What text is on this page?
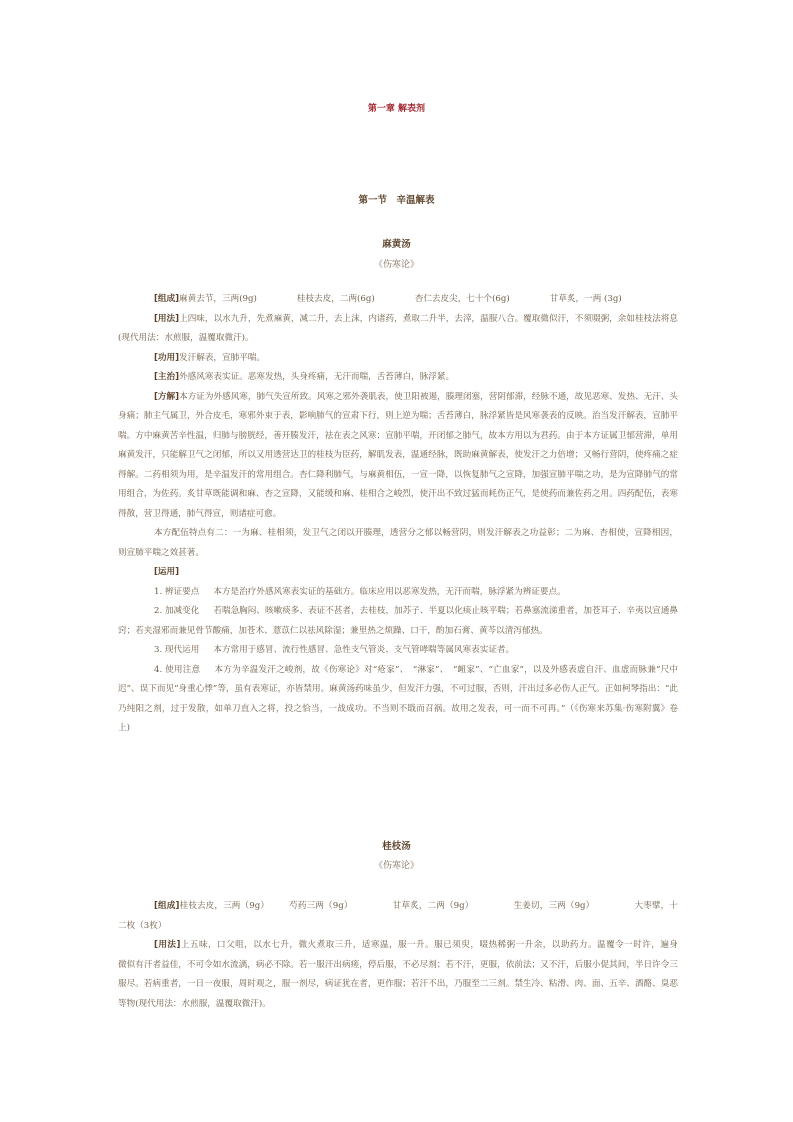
第一章 解表剂
第一节　辛温解表
麻黄汤
《伤寒论》

[组成]麻黄去节，三两(9g)	桂枝去皮，二两(6g)	杏仁去皮尖，七十个(6g)	甘草炙，一两 (3g)

[用法]上四味，以水九升，先煮麻黄，减二升，去上沫，内诸药，煮取二升半，去滓，温服八合。覆取微似汗，不须啜粥，余如桂枝法将息(现代用法：水煎服，温覆取微汗)。

[功用]发汗解表，宣肺平喘。

[主治]外感风寒表实证。恶寒发热，头身疼痛，无汗而喘，舌苔薄白，脉浮紧。

[方解]本方证为外感风寒，肺气失宣所致。风寒之邪外袭肌表，使卫阳被遏，腠理闭塞，营阴郁滞，经脉不通，故见恶寒、发热、无汗、头身痛；肺主气属卫，外合皮毛，寒邪外束于表，影响肺气的宣肃下行，则上逆为喘；舌苔薄白，脉浮紧皆是风寒袭表的反映。治当发汗解表，宣肺平喘。方中麻黄苦辛性温，归肺与膀胱经，善开腠发汗，祛在表之风寒；宣肺平喘，开闭郁之肺气，故本方用以为君药。由于本方证属卫郁营滞，单用麻黄发汗，只能解卫气之闭郁，所以又用透营达卫的桂枝为臣药，解肌发表，温通经脉，既助麻黄解表，使发汗之力倍增；又畅行营阴，使疼痛之症得解。二药相须为用，是辛温发汗的常用组合。杏仁降利肺气，与麻黄相伍，一宣一降，以恢复肺气之宣降，加强宣肺平喘之功，是为宣降肺气的常用组合，为佐药。炙甘草既能调和麻、杏之宣降，又能缓和麻、桂相合之峻烈，使汗出不致过猛而耗伤正气，是使药而兼佐药之用。四药配伍，表寒得散，营卫得通，肺气得宣，则诸症可愈。

本方配伍特点有二：一为麻、桂相须，发卫气之闭以开腠理，透营分之郁以畅营阴，则发汗解表之功益彰；二为麻、杏相使，宣降相因，则宣肺平喘之效甚著。

[运用]

1. 辨证要点 本方是治疗外感风寒表实证的基础方。临床应用以恶寒发热，无汗而喘，脉浮紧为辨证要点。

2. 加减变化 若喘急胸闷、咳嗽痰多、表证不甚者，去桂枝，加苏子、半夏以化痰止咳平喘；若鼻塞流涕重者，加苍耳子、辛夷以宣通鼻窍；若夹湿邪而兼见骨节酸痛，加苍术、薏苡仁以祛风除湿；兼里热之烦躁、口干，酌加石膏、黄芩以清泻郁热。

3. 现代运用 本方常用于感冒、流行性感冒、急性支气管炎、支气管哮喘等属风寒表实证者。

4. 使用注意 本方为辛温发汗之峻剂，故《伤寒论》对“疮家”、　“淋家”、　“衄家”、“亡血家”，以及外感表虚自汗、血虚而脉兼“尺中迟”、误下而见“身重心悸”等，虽有表寒证，亦皆禁用。麻黄汤药味虽少，但发汗力强，不可过服，否则，汗出过多必伤人正气。正如柯琴指出：“此乃纯阳之剂，过于发散，如单刀直入之将，投之恰当，一战成功。不当则不戢而召祸。故用之发表，可一而不可再。”（《伤寒来苏集·伤寒附翼》卷上)

桂枝汤
《伤寒论》

[组成]桂枝去皮，三两（9g） 芍药三两（9g）	甘草炙，二两（9g）	生姜切，三两（9g）	大枣擘，十二枚（3枚）

[用法]上五味，口父咀，以水七升，微火煮取三升，适寒温，服一升。服已须臾，啜热稀粥一升余，以助药力。温覆令一时许，遍身　　　微似有汗者益佳，不可令如水流漓，病必不除。若一服汗出病瘥，停后服，不必尽剂；若不汗，更服，依前法；又不汗，后服小促其间，半日许令三服尽。若病重者，一日一夜服，周时观之，服一剂尽，病证犹在者，更作服；若汗不出，乃服至二三剂。禁生冷、粘滑、肉、面、五辛、酒酪、臭恶等物(现代用法：水煎服，温覆取微汗)。
